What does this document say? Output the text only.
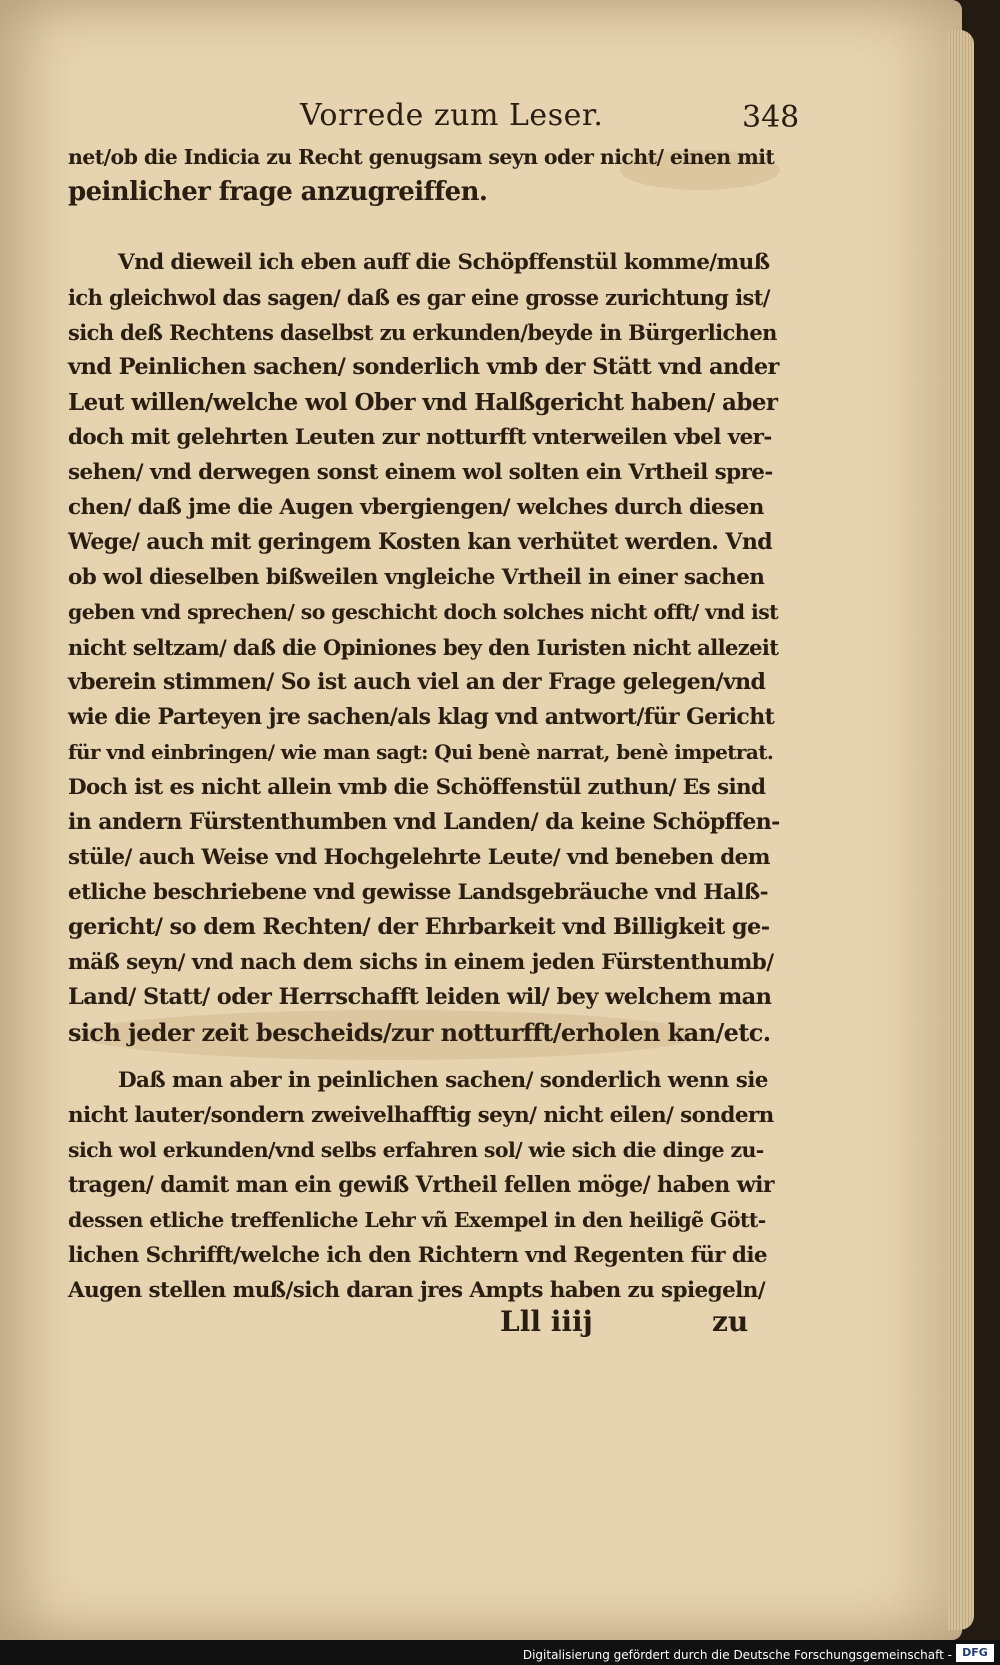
Vorrede zum Leser.	348
net/ob die Indicia zu Recht genugsam seyn oder nicht/ einen mit
peinlicher frage anzugreiffen.
Vnd dieweil ich eben auff die Schöpffenstül komme/muß
ich gleichwol das sagen/ daß es gar eine grosse zurichtung ist/
sich deß Rechtens daselbst zu erkunden/beyde in Bürgerlichen
vnd Peinlichen sachen/ sonderlich vmb der Stätt vnd ander
Leut willen/welche wol Ober vnd Halßgericht haben/ aber
doch mit gelehrten Leuten zur notturfft vnterweilen vbel ver-
sehen/ vnd derwegen sonst einem wol solten ein Vrtheil spre-
chen/ daß jme die Augen vbergiengen/ welches durch diesen
Wege/ auch mit geringem Kosten kan verhütet werden. Vnd
ob wol dieselben bißweilen vngleiche Vrtheil in einer sachen
geben vnd sprechen/ so geschicht doch solches nicht offt/ vnd ist
nicht seltzam/ daß die Opiniones bey den Iuristen nicht allezeit
vberein stimmen/ So ist auch viel an der Frage gelegen/vnd
wie die Parteyen jre sachen/als klag vnd antwort/für Gericht
für vnd einbringen/ wie man sagt: Qui benè narrat, benè impetrat.
Doch ist es nicht allein vmb die Schöffenstül zuthun/ Es sind
in andern Fürstenthumben vnd Landen/ da keine Schöpffen-
stüle/ auch Weise vnd Hochgelehrte Leute/ vnd beneben dem
etliche beschriebene vnd gewisse Landsgebräuche vnd Halß-
gericht/ so dem Rechten/ der Ehrbarkeit vnd Billigkeit ge-
mäß seyn/ vnd nach dem sichs in einem jeden Fürstenthumb/
Land/ Statt/ oder Herrschafft leiden wil/ bey welchem man
sich jeder zeit bescheids/zur notturfft/erholen kan/etc.
Daß man aber in peinlichen sachen/ sonderlich wenn sie
nicht lauter/sondern zweivelhafftig seyn/ nicht eilen/ sondern
sich wol erkunden/vnd selbs erfahren sol/ wie sich die dinge zu-
tragen/ damit man ein gewiß Vrtheil fellen möge/ haben wir
dessen etliche treffenliche Lehr vñ Exempel in den heiligẽ Gött-
lichen Schrifft/welche ich den Richtern vnd Regenten für die
Augen stellen muß/sich daran jres Ampts haben zu spiegeln/
Lll iiij	zu
Digitalisierung gefördert durch die Deutsche Forschungsgemeinschaft - DFG
